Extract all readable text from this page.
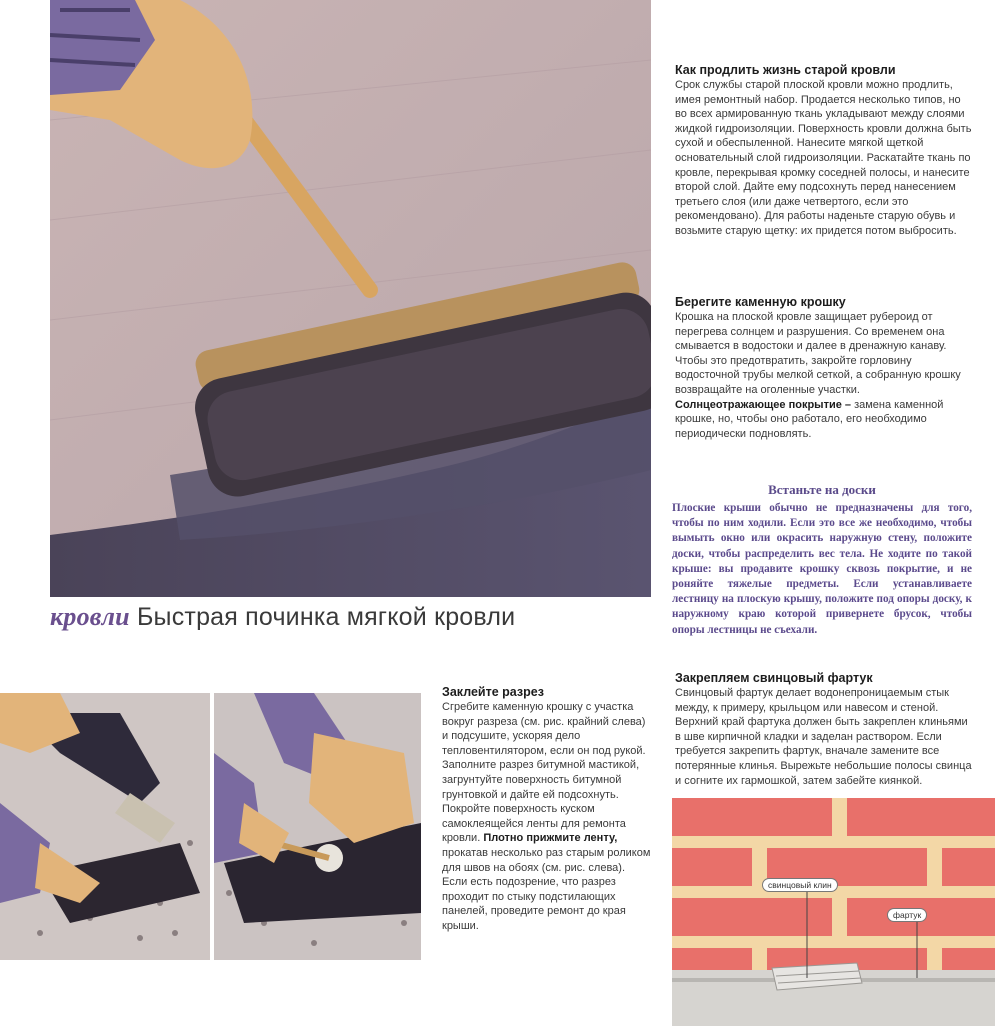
Как продлить жизнь старой кровли

Срок службы старой плоской кровли можно продлить, имея ремонтный набор. Продается несколько типов, но во всех армированную ткань укладывают между слоями жидкой гидроизоляции. Поверхность кровли должна быть сухой и обеспыленной. Нанесите мягкой щеткой основательный слой гидроизоляции. Раскатайте ткань по кровле, перекрывая кромку соседней полосы, и нанесите второй слой. Дайте ему подсохнуть перед нанесением третьего слоя (или даже четвертого, если это рекомендовано). Для работы наденьте старую обувь и возьмите старую щетку: их придется потом выбросить.

Берегите каменную крошку

Крошка на плоской кровле защищает рубероид от перегрева солнцем и разрушения. Со временем она смывается в водостоки и далее в дренажную канаву. Чтобы это предотвратить, закройте горловину водосточной трубы мелкой сеткой, а собранную крошку возвращайте на оголенные участки.
Солнцеотражающее покрытие – замена каменной крошке, но, чтобы оно работало, его необходимо периодически подновлять.

Встаньте на доски
Плоские крыши обычно не предназначены для того, чтобы по ним ходили. Если это все же необходимо, чтобы вымыть окно или окрасить наружную стену, положите доски, чтобы распределить вес тела. Не ходите по такой крыше: вы продавите крошку сквозь покрытие, и не роняйте тяжелые предметы. Если устанавливаете лестницу на плоскую крышу, положите под опоры доску, к наружному краю которой привернете брусок, чтобы опоры лестницы не съехали.
кровли Быстрая починка мягкой кровли
Заклейте разрез

Сгребите каменную крошку с участка вокруг разреза (см. рис. крайний слева) и подсушите, ускоряя дело тепловентилятором, если он под рукой. Заполните разрез битумной мастикой, загрунтуйте поверхность битумной грунтовкой и дайте ей подсохнуть. Покройте поверхность куском самоклеящейся ленты для ремонта кровли. Плотно прижмите ленту, прокатав несколько раз старым роликом для швов на обоях (см. рис. слева). Если есть подозрение, что разрез проходит по стыку подстилающих панелей, проведите ремонт до края крыши.

Закрепляем свинцовый фартук

Свинцовый фартук делает водонепроницаемым стык между, к примеру, крыльцом или навесом и стеной. Верхний край фартука должен быть закреплен клиньями в шве кирпичной кладки и заделан раствором. Если требуется закрепить фартук, вначале замените все потерянные клинья. Вырежьте небольшие полосы свинца и согните их гармошкой, затем забейте киянкой.

свинцовый клин
фартук
